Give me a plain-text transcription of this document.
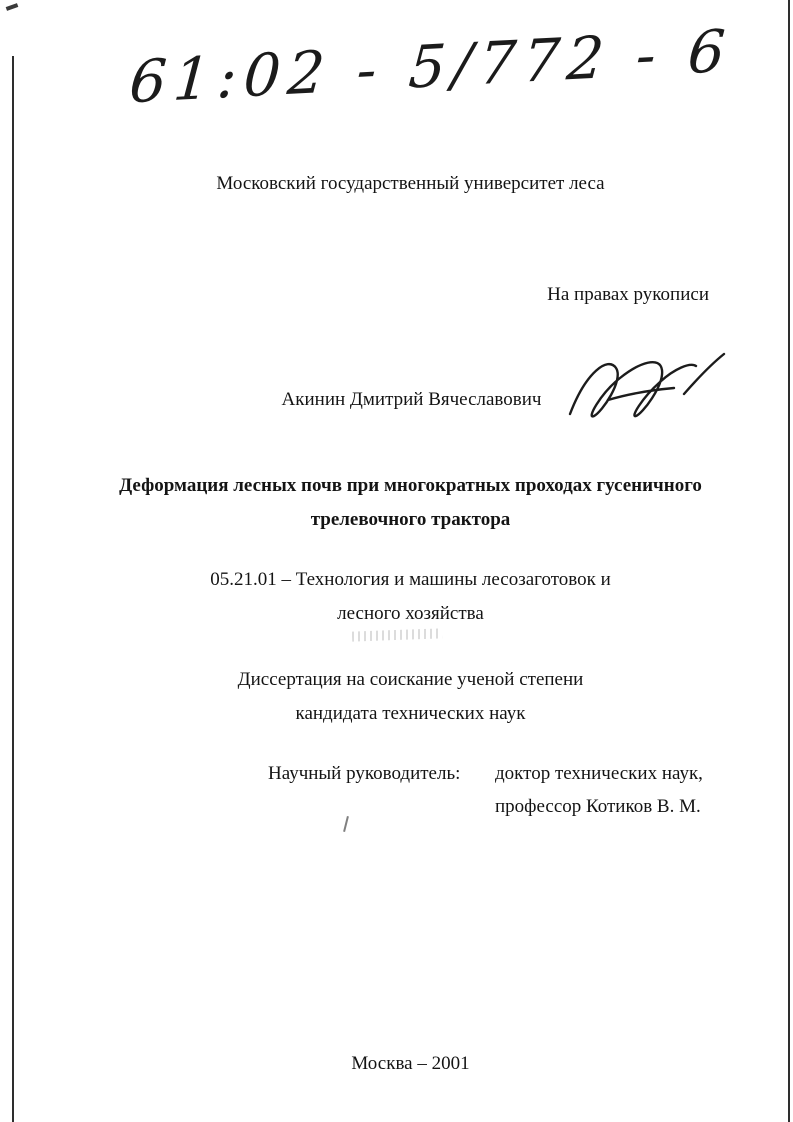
61:02 - 5/772 - 6
Московский государственный университет леса
На правах рукописи
Акинин Дмитрий Вячеславович
Деформация лесных почв при многократных проходах гусеничного
трелевочного трактора
05.21.01 – Технология и машины лесозаготовок и
лесного хозяйства
Диссертация на соискание ученой степени
кандидата технических наук
Научный руководитель: доктор технических наук,
профессор Котиков В. М.
Москва – 2001
